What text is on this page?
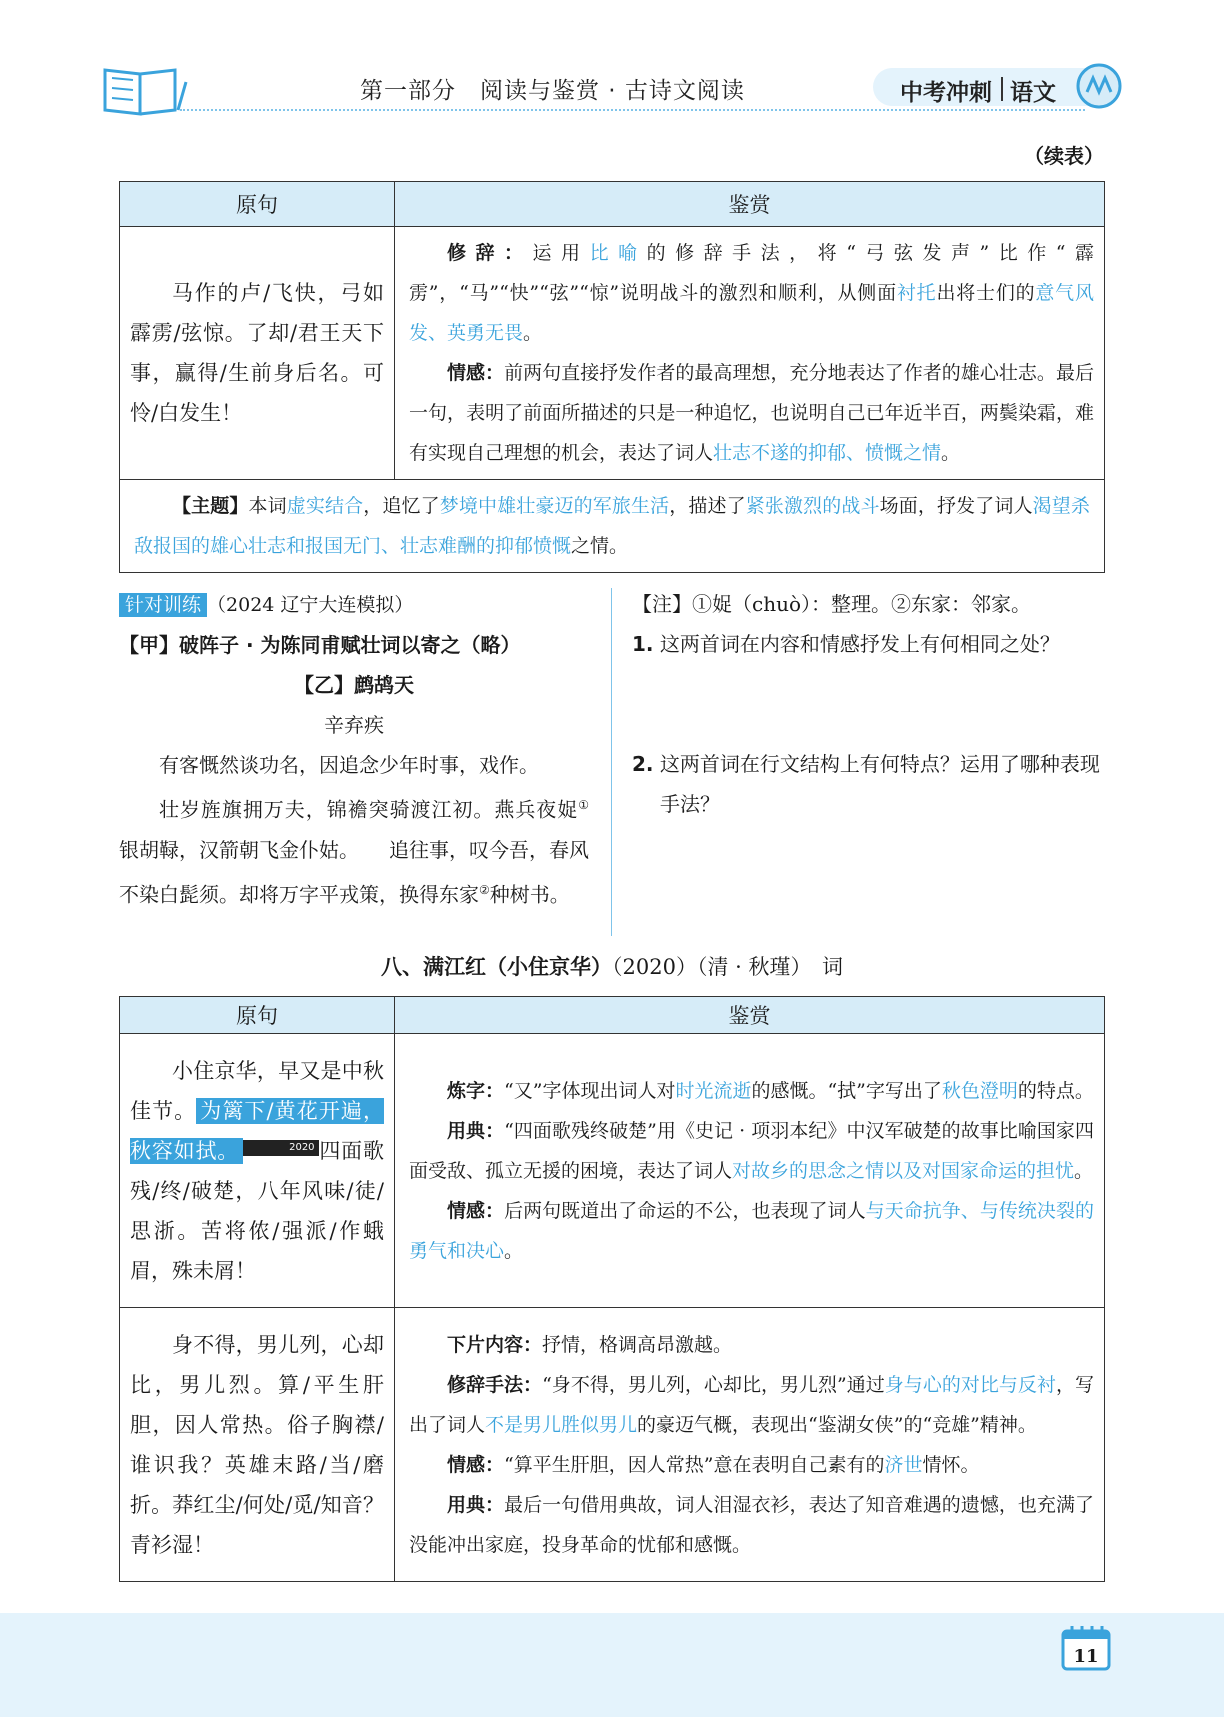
第一部分　阅读与鉴赏 · 古诗文阅读	中考冲刺 语文
（续表）
原句	鉴赏
马作的卢/飞快，弓如霹雳/弦惊。了却/君王天下事，赢得/生前身后名。可怜/白发生！	修辞：运用比喻的修辞手法，将“弓弦发声”比作“霹雳”，“马”“快”“弦”“惊”说明战斗的激烈和顺利，从侧面衬托出将士们的意气风发、英勇无畏。

情感：前两句直接抒发作者的最高理想，充分地表达了作者的雄心壮志。最后一句，表明了前面所描述的只是一种追忆，也说明自己已年近半百，两鬓染霜，难有实现自己理想的机会，表达了词人壮志不遂的抑郁、愤慨之情。

【主题】本词虚实结合，追忆了梦境中雄壮豪迈的军旅生活，描述了紧张激烈的战斗场面，抒发了词人渴望杀敌报国的雄心壮志和报国无门、壮志难酬的抑郁愤慨之情。	
针对训练 （2024 辽宁大连模拟）
【甲】破阵子 · 为陈同甫赋壮词以寄之（略）
【乙】鹧鸪天
辛弃疾
有客慨然谈功名，因追念少年时事，戏作。
壮岁旌旗拥万夫，锦襜突骑渡江初。燕兵夜娖①银胡䩮，汉箭朝飞金仆姑。　　追往事，叹今吾，春风不染白髭须。却将万字平戎策，换得东家②种树书。
【注】①娖（chuò）：整理。②东家：邻家。

1. 这两首词在内容和情感抒发上有何相同之处？

2. 这两首词在行文结构上有何特点？运用了哪种表现手法？

八、满江红（小住京华）（2020）（清 · 秋瑾）　词
原句	鉴赏
小住京华，早又是中秋佳节。 为篱下/黄花开遍，秋容如拭。 2020 四面歌残/终/破楚，八年风味/徒/思浙。苦将侬/强派/作蛾眉，殊未屑！	炼字：“又”字体现出词人对时光流逝的感慨。“拭”字写出了秋色澄明的特点。

用典：“四面歌残终破楚”用《史记 · 项羽本纪》中汉军破楚的故事比喻国家四面受敌、孤立无援的困境，表达了词人对故乡的思念之情以及对国家命运的担忧。

情感：后两句既道出了命运的不公，也表现了词人与天命抗争、与传统决裂的勇气和决心。

身不得，男儿列，心却比，男儿烈。算/平生肝胆，因人常热。俗子胸襟/谁识我？英雄末路/当/磨折。莽红尘/何处/觅/知音？青衫湿！	下片内容：抒情，格调高昂激越。

修辞手法：“身不得，男儿列，心却比，男儿烈”通过身与心的对比与反衬，写出了词人不是男儿胜似男儿的豪迈气概，表现出“鉴湖女侠”的“竞雄”精神。

情感：“算平生肝胆，因人常热”意在表明自己素有的济世情怀。

用典：最后一句借用典故，词人泪湿衣衫，表达了知音难遇的遗憾，也充满了没能冲出家庭，投身革命的忧郁和感慨。

11
